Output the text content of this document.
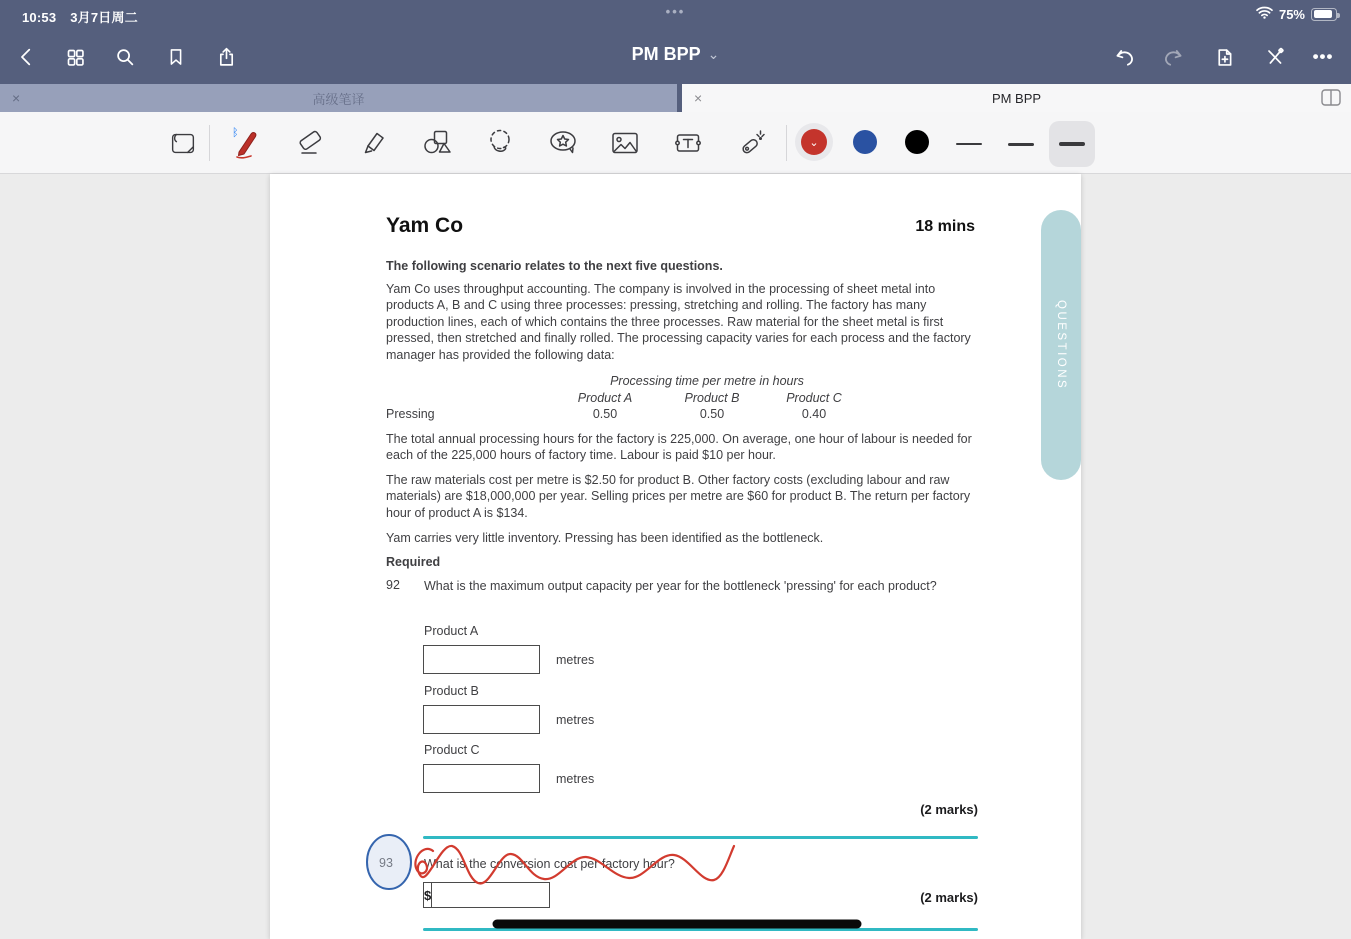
10:53 3月7日周二	•••	75%
PM BPP ⌄	•••
×	高级笔译	×	PM BPP
ᛒ
⌄
Yam Co	18 mins
The following scenario relates to the next five questions.
Yam Co uses throughput accounting. The company is involved in the processing of sheet metal into products A, B and C using three processes: pressing, stretching and rolling. The factory has many production lines, each of which contains the three processes. Raw material for the sheet metal is first pressed, then stretched and finally rolled. The processing capacity varies for each process and the factory manager has provided the following data:
Processing time per metre in hours
Product A	Product B	Product C
Pressing	0.50	0.50	0.40
The total annual processing hours for the factory is 225,000. On average, one hour of labour is needed for each of the 225,000 hours of factory time. Labour is paid $10 per hour.
The raw materials cost per metre is $2.50 for product B. Other factory costs (excluding labour and raw materials) are $18,000,000 per year. Selling prices per metre are $60 for product B. The return per factory hour of product A is $134.
Yam carries very little inventory. Pressing has been identified as the bottleneck.
Required
92 What is the maximum output capacity per year for the bottleneck 'pressing' for each product?
Product A
metres
Product B
metres
Product C
metres
(2 marks)
93 What is the conversion cost per factory hour?
$	(2 marks)
QUESTIONS
